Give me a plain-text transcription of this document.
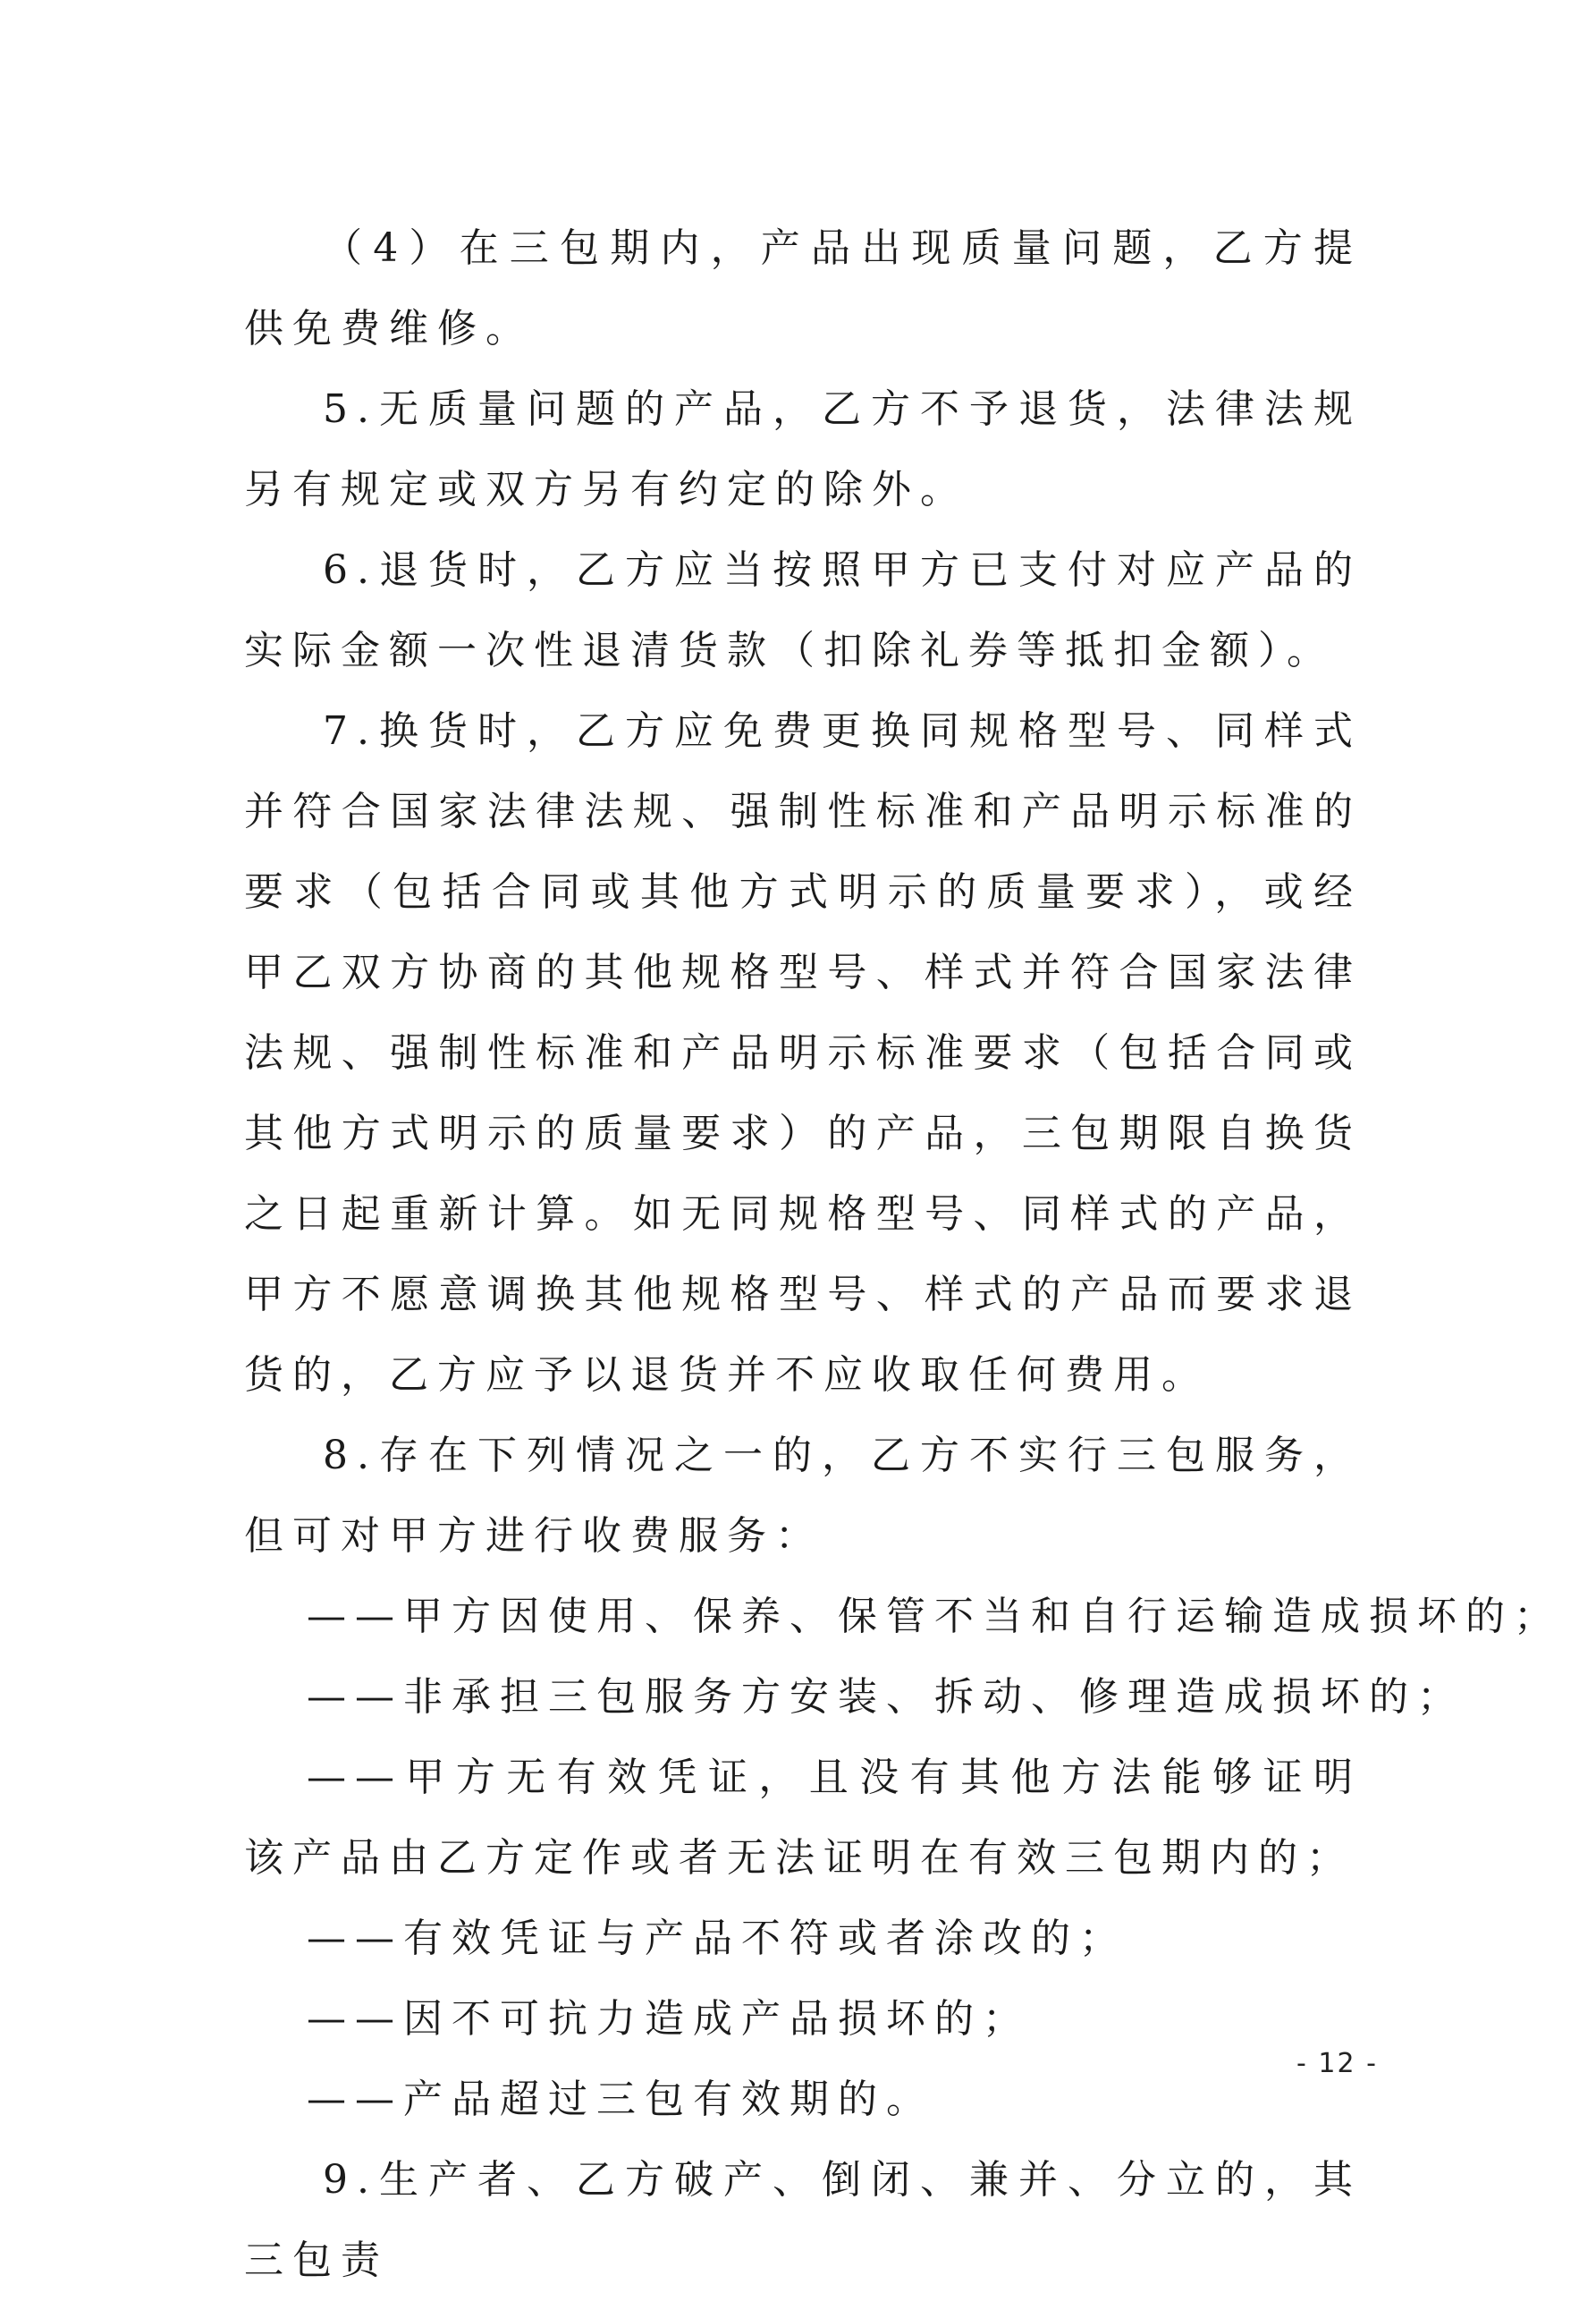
（4）在三包期内，产品出现质量问题，乙方提供免费维修。

5.无质量问题的产品，乙方不予退货，法律法规另有规定或双方另有约定的除外。

6.退货时，乙方应当按照甲方已支付对应产品的实际金额一次性退清货款（扣除礼券等抵扣金额）。

7.换货时，乙方应免费更换同规格型号、同样式并符合国家法律法规、强制性标准和产品明示标准的要求（包括合同或其他方式明示的质量要求），或经甲乙双方协商的其他规格型号、样式并符合国家法律法规、强制性标准和产品明示标准要求（包括合同或其他方式明示的质量要求）的产品，三包期限自换货之日起重新计算。如无同规格型号、同样式的产品，甲方不愿意调换其他规格型号、样式的产品而要求退货的，乙方应予以退货并不应收取任何费用。

8.存在下列情况之一的，乙方不实行三包服务，但可对甲方进行收费服务：

——甲方因使用、保养、保管不当和自行运输造成损坏的；

——非承担三包服务方安装、拆动、修理造成损坏的；

——甲方无有效凭证，且没有其他方法能够证明该产品由乙方定作或者无法证明在有效三包期内的；

——有效凭证与产品不符或者涂改的；

——因不可抗力造成产品损坏的；

——产品超过三包有效期的。

9.生产者、乙方破产、倒闭、兼并、分立的，其三包责

- 12 -
